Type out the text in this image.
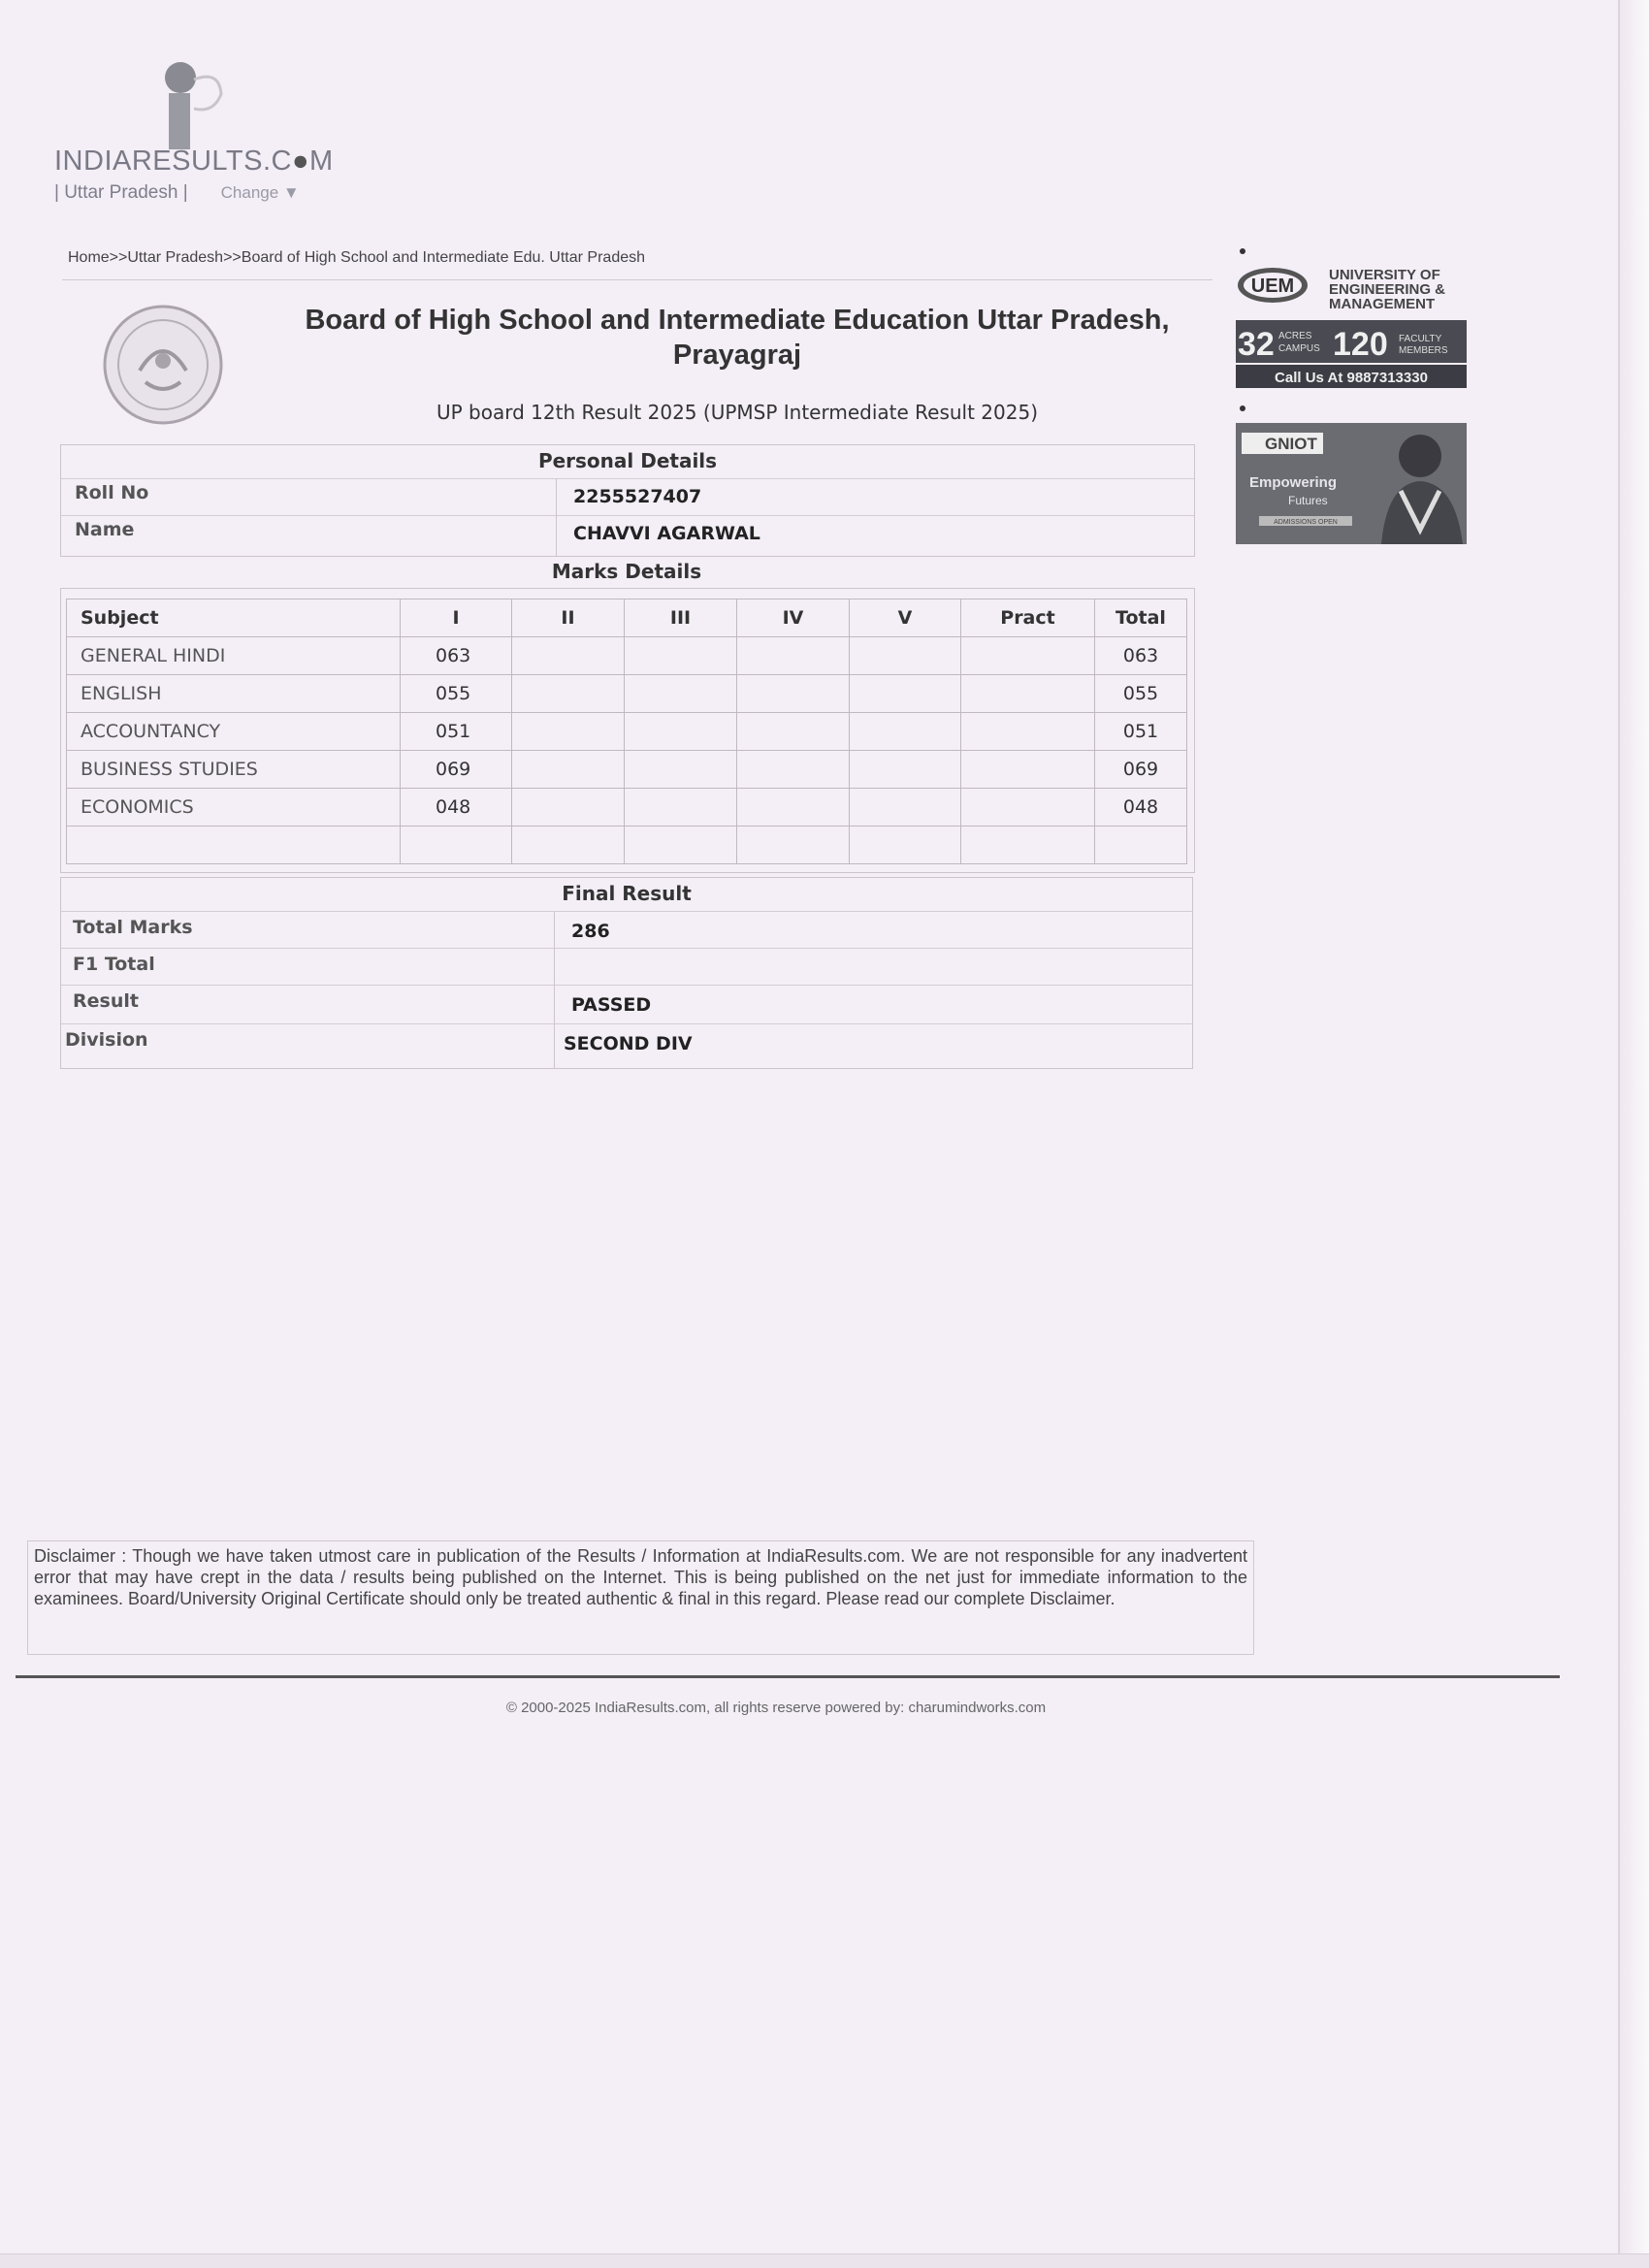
INDIARESULTS.C●M
| Uttar Pradesh | Change ▼
Home>>Uttar Pradesh>>Board of High School and Intermediate Edu. Uttar Pradesh
Board of High School and Intermediate Education Uttar Pradesh,
Prayagraj
UP board 12th Result 2025 (UPMSP Intermediate Result 2025)
Personal Details
Roll No	2255527407
Name	CHAVVI AGARWAL
Marks Details
Subject	I	II	III	IV	V	Pract	Total
GENERAL HINDI	063						063
ENGLISH	055						055
ACCOUNTANCY	051						051
BUSINESS STUDIES	069						069
ECONOMICS	048						048

Final Result
Total Marks	286
F1 Total
Result	PASSED
Division	SECOND DIV
Disclaimer : Though we have taken utmost care in publication of the Results / Information at IndiaResults.com. We are not responsible for any inadvertent error that may have crept in the data / results being published on the Internet. This is being published on the net just for immediate information to the examinees. Board/University Original Certificate should only be treated authentic & final in this regard. Please read our complete Disclaimer.
© 2000-2025 IndiaResults.com, all rights reserve powered by: charumindworks.com
UEM
UNIVERSITY OF
ENGINEERING &
MANAGEMENT
32 ACRES
CAMPUS 120 FACULTY
MEMBERS
Call Us At 9887313330
GNIOT
Empowering
Futures
ADMISSIONS OPEN
